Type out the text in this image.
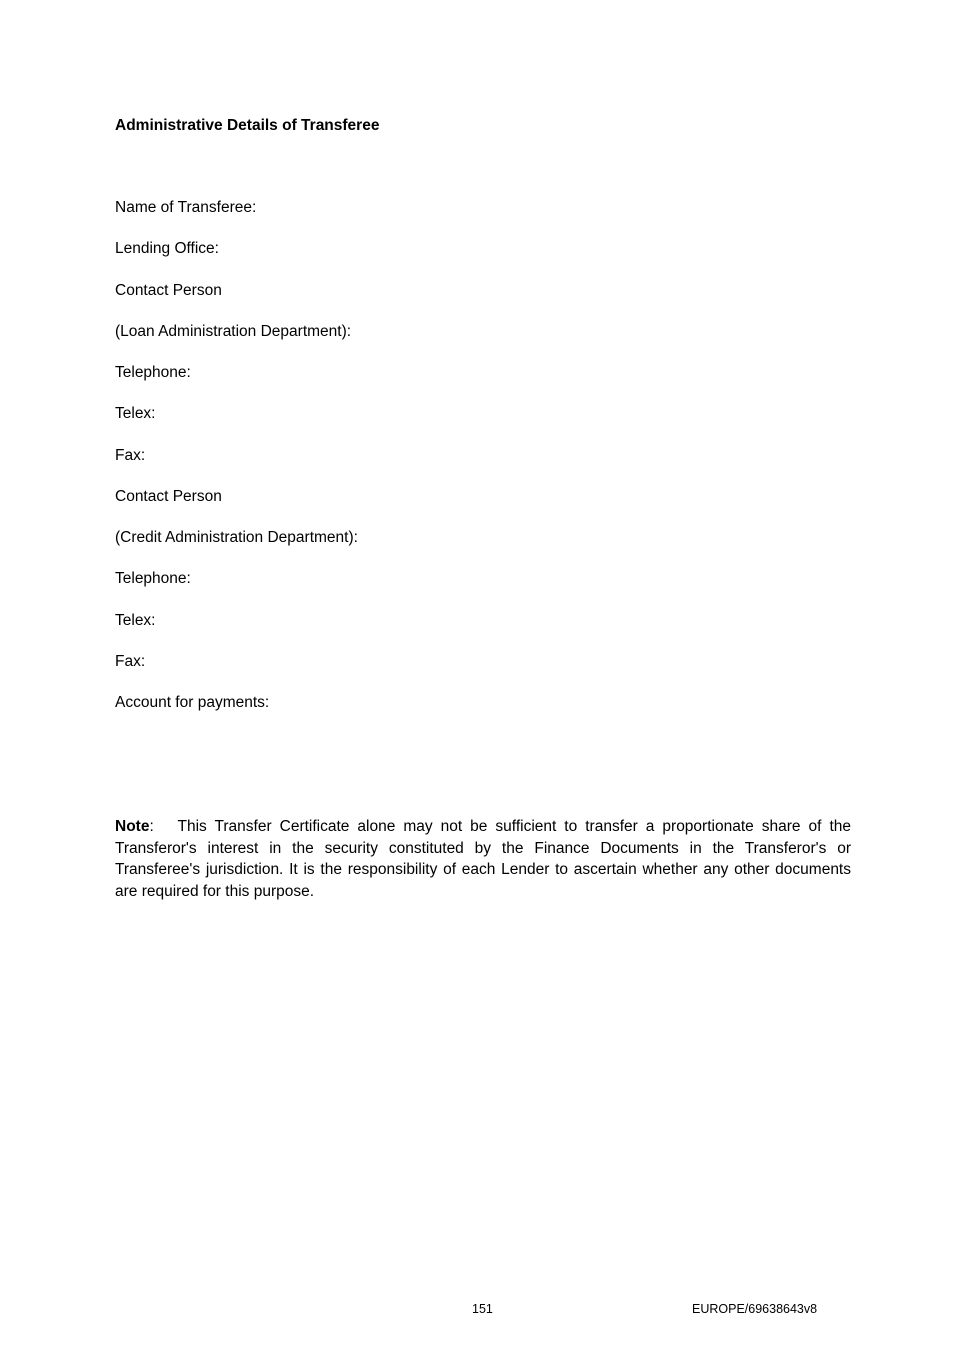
Administrative Details of Transferee
Name of Transferee:
Lending Office:
Contact Person
(Loan Administration Department):
Telephone:
Telex:
Fax:
Contact Person
(Credit Administration Department):
Telephone:
Telex:
Fax:
Account for payments:

Note: This Transfer Certificate alone may not be sufficient to transfer a proportionate share of the Transferor's interest in the security constituted by the Finance Documents in the Transferor's or Transferee's jurisdiction. It is the responsibility of each Lender to ascertain whether any other documents are required for this purpose.

151	EUROPE/69638643v8
